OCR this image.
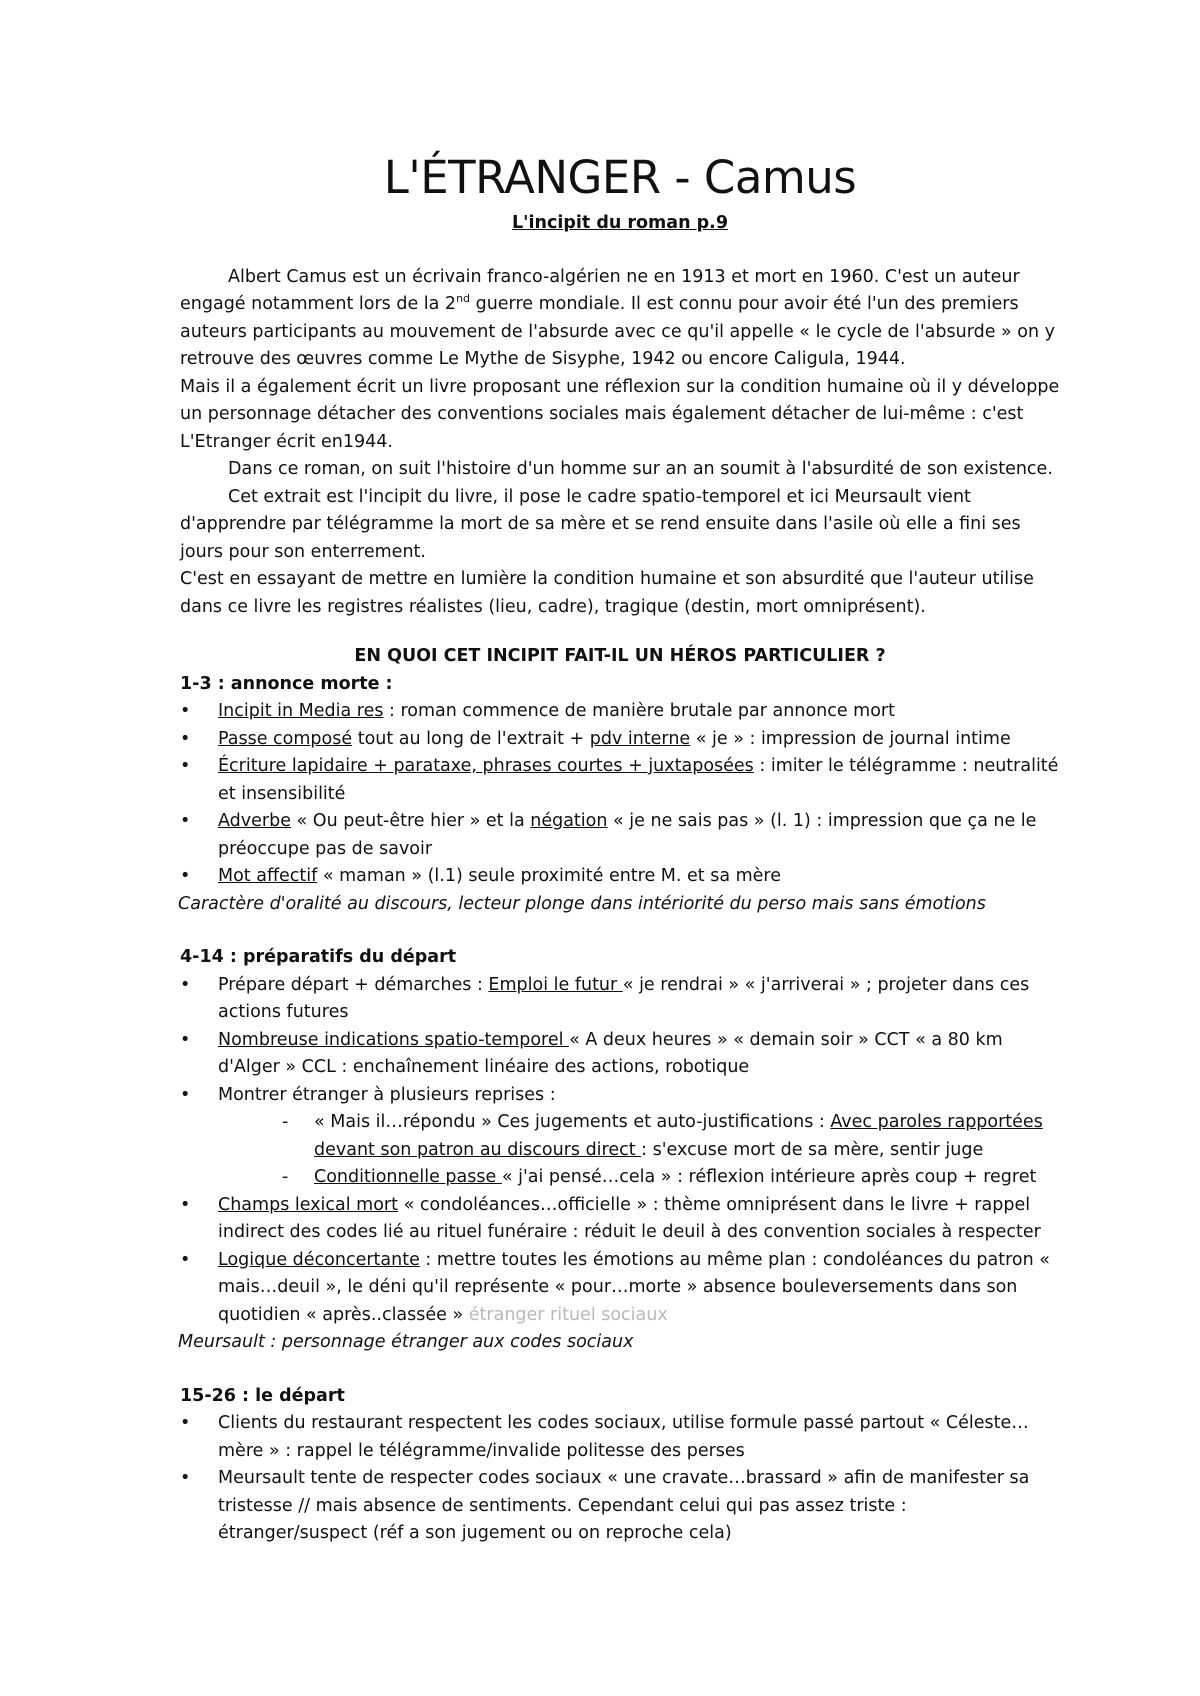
L'ÉTRANGER - Camus

L'incipit du roman p.9

Albert Camus est un écrivain franco-algérien ne en 1913 et mort en 1960. C'est un auteur engagé notamment lors de la 2nd guerre mondiale. Il est connu pour avoir été l'un des premiers auteurs participants au mouvement de l'absurde avec ce qu'il appelle « le cycle de l'absurde » on y retrouve des œuvres comme Le Mythe de Sisyphe, 1942 ou encore Caligula, 1944.

Mais il a également écrit un livre proposant une réflexion sur la condition humaine où il y développe un personnage détacher des conventions sociales mais également détacher de lui-même : c'est L'Etranger écrit en1944.

Dans ce roman, on suit l'histoire d'un homme sur an an soumit à l'absurdité de son existence.

Cet extrait est l'incipit du livre, il pose le cadre spatio-temporel et ici Meursault vient d'apprendre par télégramme la mort de sa mère et se rend ensuite dans l'asile où elle a fini ses jours pour son enterrement.

C'est en essayant de mettre en lumière la condition humaine et son absurdité que l'auteur utilise dans ce livre les registres réalistes (lieu, cadre), tragique (destin, mort omniprésent).

EN QUOI CET INCIPIT FAIT-IL UN HÉROS PARTICULIER ?

1-3 : annonce morte :

• Incipit in Media res : roman commence de manière brutale par annonce mort
• Passe composé tout au long de l'extrait + pdv interne « je » : impression de journal intime
• Écriture lapidaire + parataxe, phrases courtes + juxtaposées : imiter le télégramme : neutralité et insensibilité
• Adverbe « Ou peut-être hier » et la négation « je ne sais pas » (l. 1) : impression que ça ne le préoccupe pas de savoir
• Mot affectif « maman » (l.1) seule proximité entre M. et sa mère

Caractère d'oralité au discours, lecteur plonge dans intériorité du perso mais sans émotions

4-14 : préparatifs du départ

• Prépare départ + démarches : Emploi le futur « je rendrai » « j'arriverai » ; projeter dans ces actions futures
• Nombreuse indications spatio-temporel « A deux heures » « demain soir » CCT « a 80 km d'Alger » CCL : enchaînement linéaire des actions, robotique
• Montrer étranger à plusieurs reprises :
- « Mais il…répondu » Ces jugements et auto-justifications : Avec paroles rapportées devant son patron au discours direct : s'excuse mort de sa mère, sentir juge
- Conditionnelle passe « j'ai pensé…cela » : réflexion intérieure après coup + regret
• Champs lexical mort « condoléances…officielle » : thème omniprésent dans le livre + rappel indirect des codes lié au rituel funéraire : réduit le deuil à des convention sociales à respecter
• Logique déconcertante : mettre toutes les émotions au même plan : condoléances du patron « mais…deuil », le déni qu'il représente « pour…morte » absence bouleversements dans son quotidien « après..classée » étranger rituel sociaux

Meursault : personnage étranger aux codes sociaux

15-26 : le départ

• Clients du restaurant respectent les codes sociaux, utilise formule passé partout « Céleste…mère » : rappel le télégramme/invalide politesse des perses
• Meursault tente de respecter codes sociaux « une cravate…brassard » afin de manifester sa tristesse // mais absence de sentiments. Cependant celui qui pas assez triste : étranger/suspect (réf a son jugement ou on reproche cela)
